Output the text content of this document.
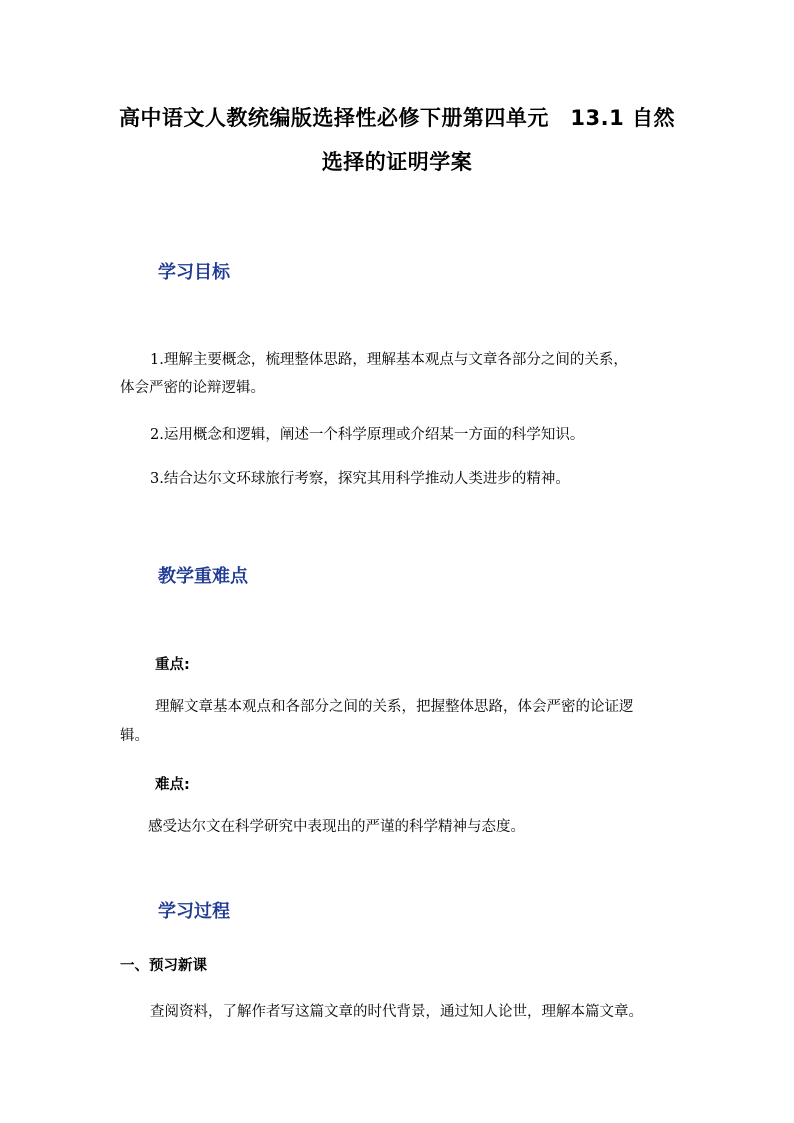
高中语文人教统编版选择性必修下册第四单元　13.1 自然
选择的证明学案
学习目标
1.理解主要概念，梳理整体思路，理解基本观点与文章各部分之间的关系，
体会严密的论辩逻辑。
2.运用概念和逻辑，阐述一个科学原理或介绍某一方面的科学知识。
3.结合达尔文环球旅行考察，探究其用科学推动人类进步的精神。
教学重难点
重点:
理解文章基本观点和各部分之间的关系，把握整体思路，体会严密的论证逻
辑。
难点:
感受达尔文在科学研究中表现出的严谨的科学精神与态度。
学习过程
一、预习新课
查阅资料，了解作者写这篇文章的时代背景，通过知人论世，理解本篇文章。
